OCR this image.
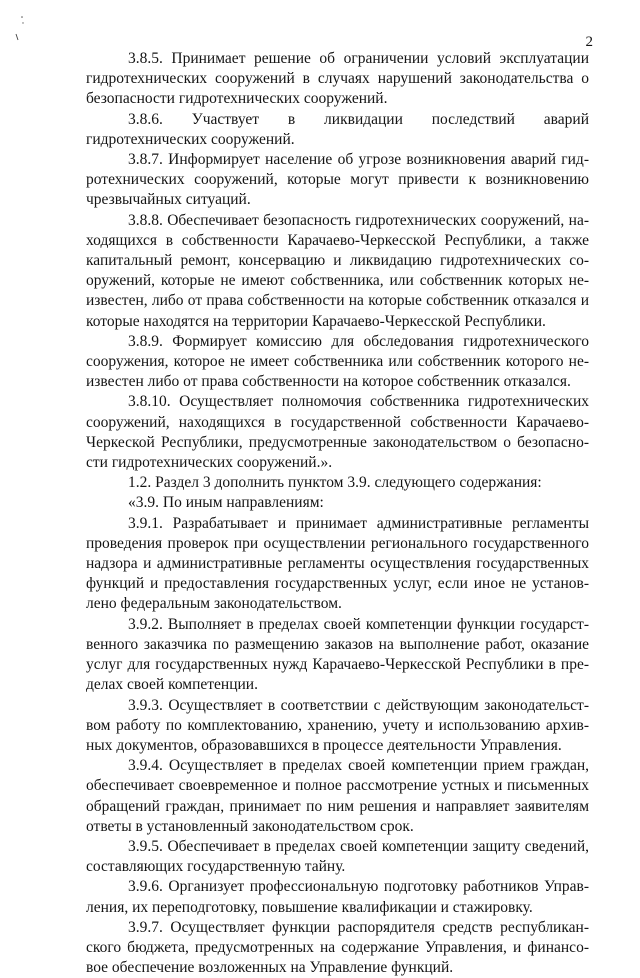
2

3.8.5. Принимает решение об ограничении условий эксплуатации гидротехнических сооружений в случаях нарушений законодательства о безопасности гидротехнических сооружений.

3.8.6. Участвует в ликвидации последствий аварий гидротехнических сооружений.

3.8.7. Информирует население об угрозе возникновения аварий гидротехнических сооружений, которые могут привести к возникновению чрезвычайных ситуаций.

3.8.8. Обеспечивает безопасность гидротехнических сооружений, находящихся в собственности Карачаево-Черкесской Республики, а также капитальный ремонт, консервацию и ликвидацию гидротехнических сооружений, которые не имеют собственника, или собственник которых неизвестен, либо от права собственности на которые собственник отказался и которые находятся на территории Карачаево-Черкесской Республики.

3.8.9. Формирует комиссию для обследования гидротехнического сооружения, которое не имеет собственника или собственник которого неизвестен либо от права собственности на которое собственник отказался.

3.8.10. Осуществляет полномочия собственника гидротехнических сооружений, находящихся в государственной собственности Карачаево-Черкеской Республики, предусмотренные законодательством о безопасности гидротехнических сооружений.».

1.2. Раздел 3 дополнить пунктом 3.9. следующего содержания:

«3.9. По иным направлениям:

3.9.1. Разрабатывает и принимает административные регламенты проведения проверок при осуществлении регионального государственного надзора и административные регламенты осуществления государственных функций и предоставления государственных услуг, если иное не установлено федеральным законодательством.

3.9.2. Выполняет в пределах своей компетенции функции государственного заказчика по размещению заказов на выполнение работ, оказание услуг для государственных нужд Карачаево-Черкесской Республики в пределах своей компетенции.

3.9.3. Осуществляет в соответствии с действующим законодательством работу по комплектованию, хранению, учету и использованию архивных документов, образовавшихся в процессе деятельности Управления.

3.9.4. Осуществляет в пределах своей компетенции прием граждан, обеспечивает своевременное и полное рассмотрение устных и письменных обращений граждан, принимает по ним решения и направляет заявителям ответы в установленный законодательством срок.

3.9.5. Обеспечивает в пределах своей компетенции защиту сведений, составляющих государственную тайну.

3.9.6. Организует профессиональную подготовку работников Управления, их переподготовку, повышение квалификации и стажировку.

3.9.7. Осуществляет функции распорядителя средств республиканского бюджета, предусмотренных на содержание Управления, и финансовое обеспечение возложенных на Управление функций.
